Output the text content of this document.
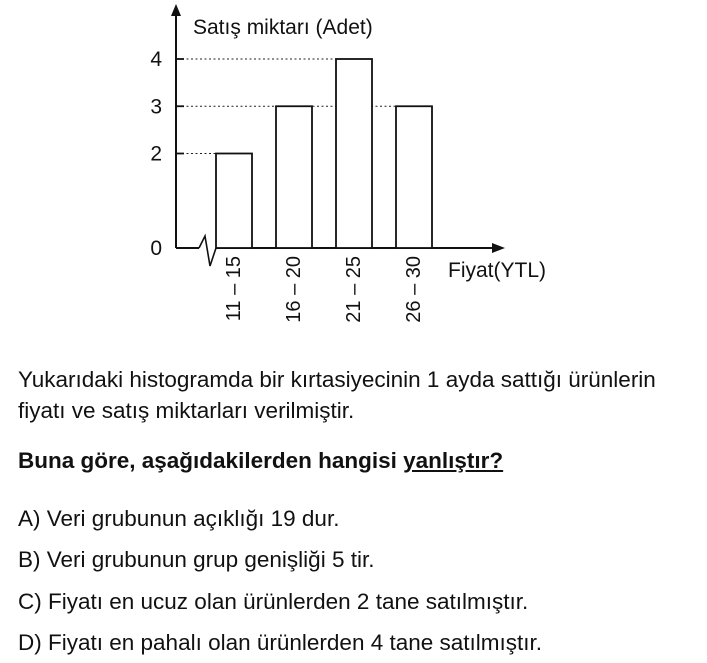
0
2
3
4
11 – 15 16 – 20 21 – 25 26 – 30
Satış miktarı (Adet)
Fiyat(YTL)

Yukarıdaki histogramda bir kırtasiyecinin 1 ayda sattığı ürünlerin fiyatı ve satış miktarları verilmiştir.

Buna göre, aşağıdakilerden hangisi yanlıştır?

A) Veri grubunun açıklığı 19 dur.

B) Veri grubunun grup genişliği 5 tir.

C) Fiyatı en ucuz olan ürünlerden 2 tane satılmıştır.

D) Fiyatı en pahalı olan ürünlerden 4 tane satılmıştır.
